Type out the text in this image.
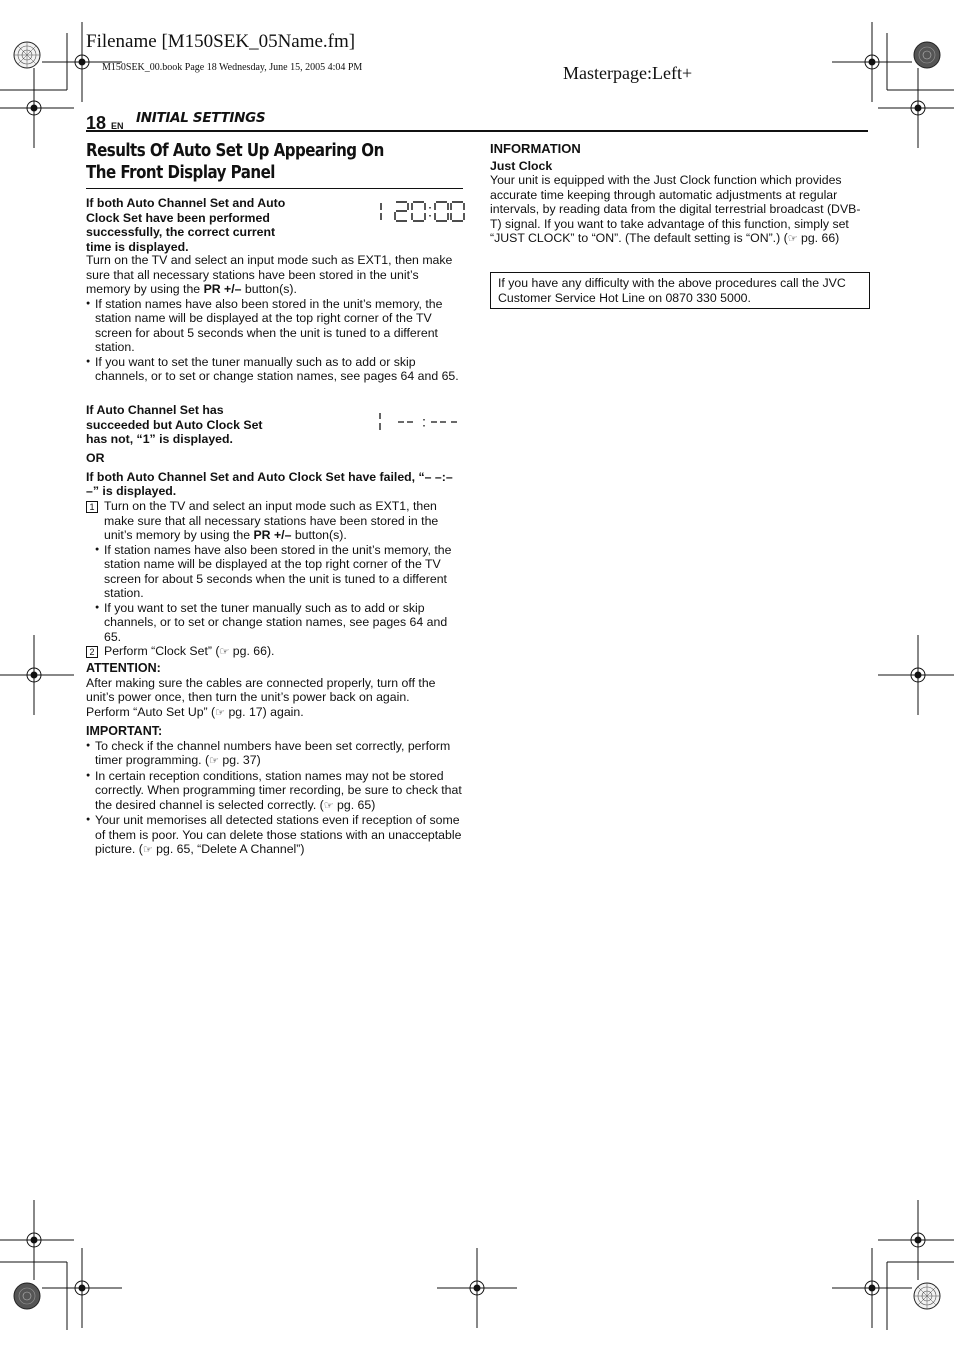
Filename [M150SEK_05Name.fm]
M150SEK_00.book Page 18 Wednesday, June 15, 2005 4:04 PM	Masterpage:Left+
18 EN INITIAL SETTINGS
Results Of Auto Set Up Appearing On The Front Display Panel

If both Auto Channel Set and Auto Clock Set have been performed successfully, the correct current time is displayed.

Turn on the TV and select an input mode such as EXT1, then make sure that all necessary stations have been stored in the unit’s memory by using the PR +/– button(s).

● If station names have also been stored in the unit’s memory, the station name will be displayed at the top right corner of the TV screen for about 5 seconds when the unit is tuned to a different station.

● If you want to set the tuner manually such as to add or skip channels, or to set or change station names, see pages 64 and 65.

If Auto Channel Set has succeeded but Auto Clock Set has not, “1” is displayed.

OR

If both Auto Channel Set and Auto Clock Set have failed, “– –:– –” is displayed.

1 Turn on the TV and select an input mode such as EXT1, then make sure that all necessary stations have been stored in the unit’s memory by using the PR +/– button(s).

● If station names have also been stored in the unit’s memory, the station name will be displayed at the top right corner of the TV screen for about 5 seconds when the unit is tuned to a different station.

● If you want to set the tuner manually such as to add or skip channels, or to set or change station names, see pages 64 and 65.

2 Perform “Clock Set” (☞ pg. 66).

ATTENTION:

After making sure the cables are connected properly, turn off the unit’s power once, then turn the unit’s power back on again.

Perform “Auto Set Up” (☞ pg. 17) again.

IMPORTANT:

● To check if the channel numbers have been set correctly, perform timer programming. (☞ pg. 37)

● In certain reception conditions, station names may not be stored correctly. When programming timer recording, be sure to check that the desired channel is selected correctly. (☞ pg. 65)

● Your unit memorises all detected stations even if reception of some of them is poor. You can delete those stations with an unacceptable picture. (☞ pg. 65, “Delete A Channel”)

INFORMATION

Just Clock

Your unit is equipped with the Just Clock function which provides accurate time keeping through automatic adjustments at regular intervals, by reading data from the digital terrestrial broadcast (DVB-T) signal. If you want to take advantage of this function, simply set “JUST CLOCK” to “ON”. (The default setting is “ON”.) (☞ pg. 66)

If you have any difficulty with the above procedures call the JVC Customer Service Hot Line on 0870 330 5000.
